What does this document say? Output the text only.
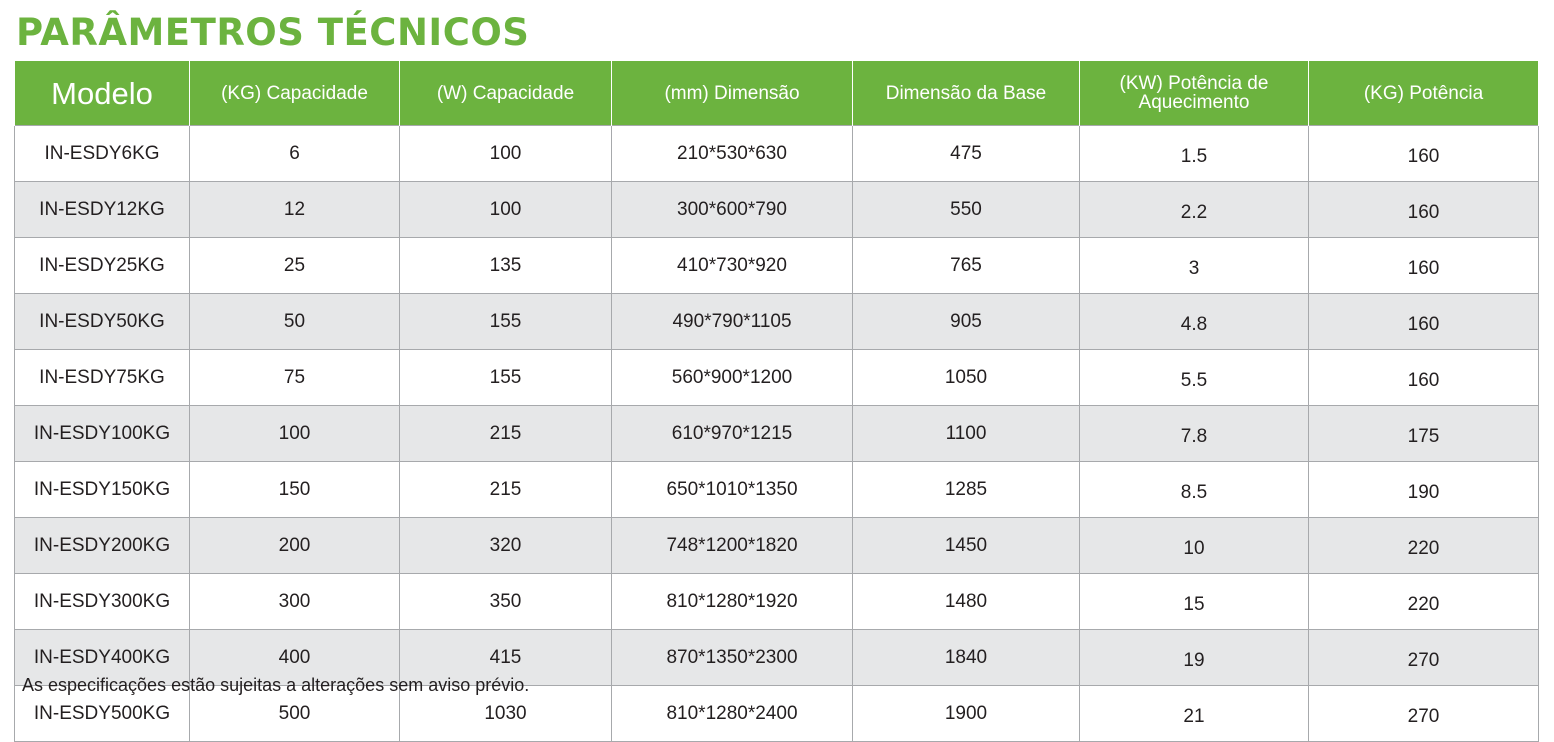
PARÂMETROS TÉCNICOS
Modelo	(KG) Capacidade	(W) Capacidade	(mm) Dimensão	Dimensão da Base	(KW) Potência de Aquecimento	(KG) Potência
IN-ESDY6KG	6	100	210*530*630	475	1.5	160
IN-ESDY12KG	12	100	300*600*790	550	2.2	160
IN-ESDY25KG	25	135	410*730*920	765	3	160
IN-ESDY50KG	50	155	490*790*1105	905	4.8	160
IN-ESDY75KG	75	155	560*900*1200	1050	5.5	160
IN-ESDY100KG	100	215	610*970*1215	1100	7.8	175
IN-ESDY150KG	150	215	650*1010*1350	1285	8.5	190
IN-ESDY200KG	200	320	748*1200*1820	1450	10	220
IN-ESDY300KG	300	350	810*1280*1920	1480	15	220
IN-ESDY400KG	400	415	870*1350*2300	1840	19	270
IN-ESDY500KG	500	1030	810*1280*2400	1900	21	270

As especificações estão sujeitas a alterações sem aviso prévio.
